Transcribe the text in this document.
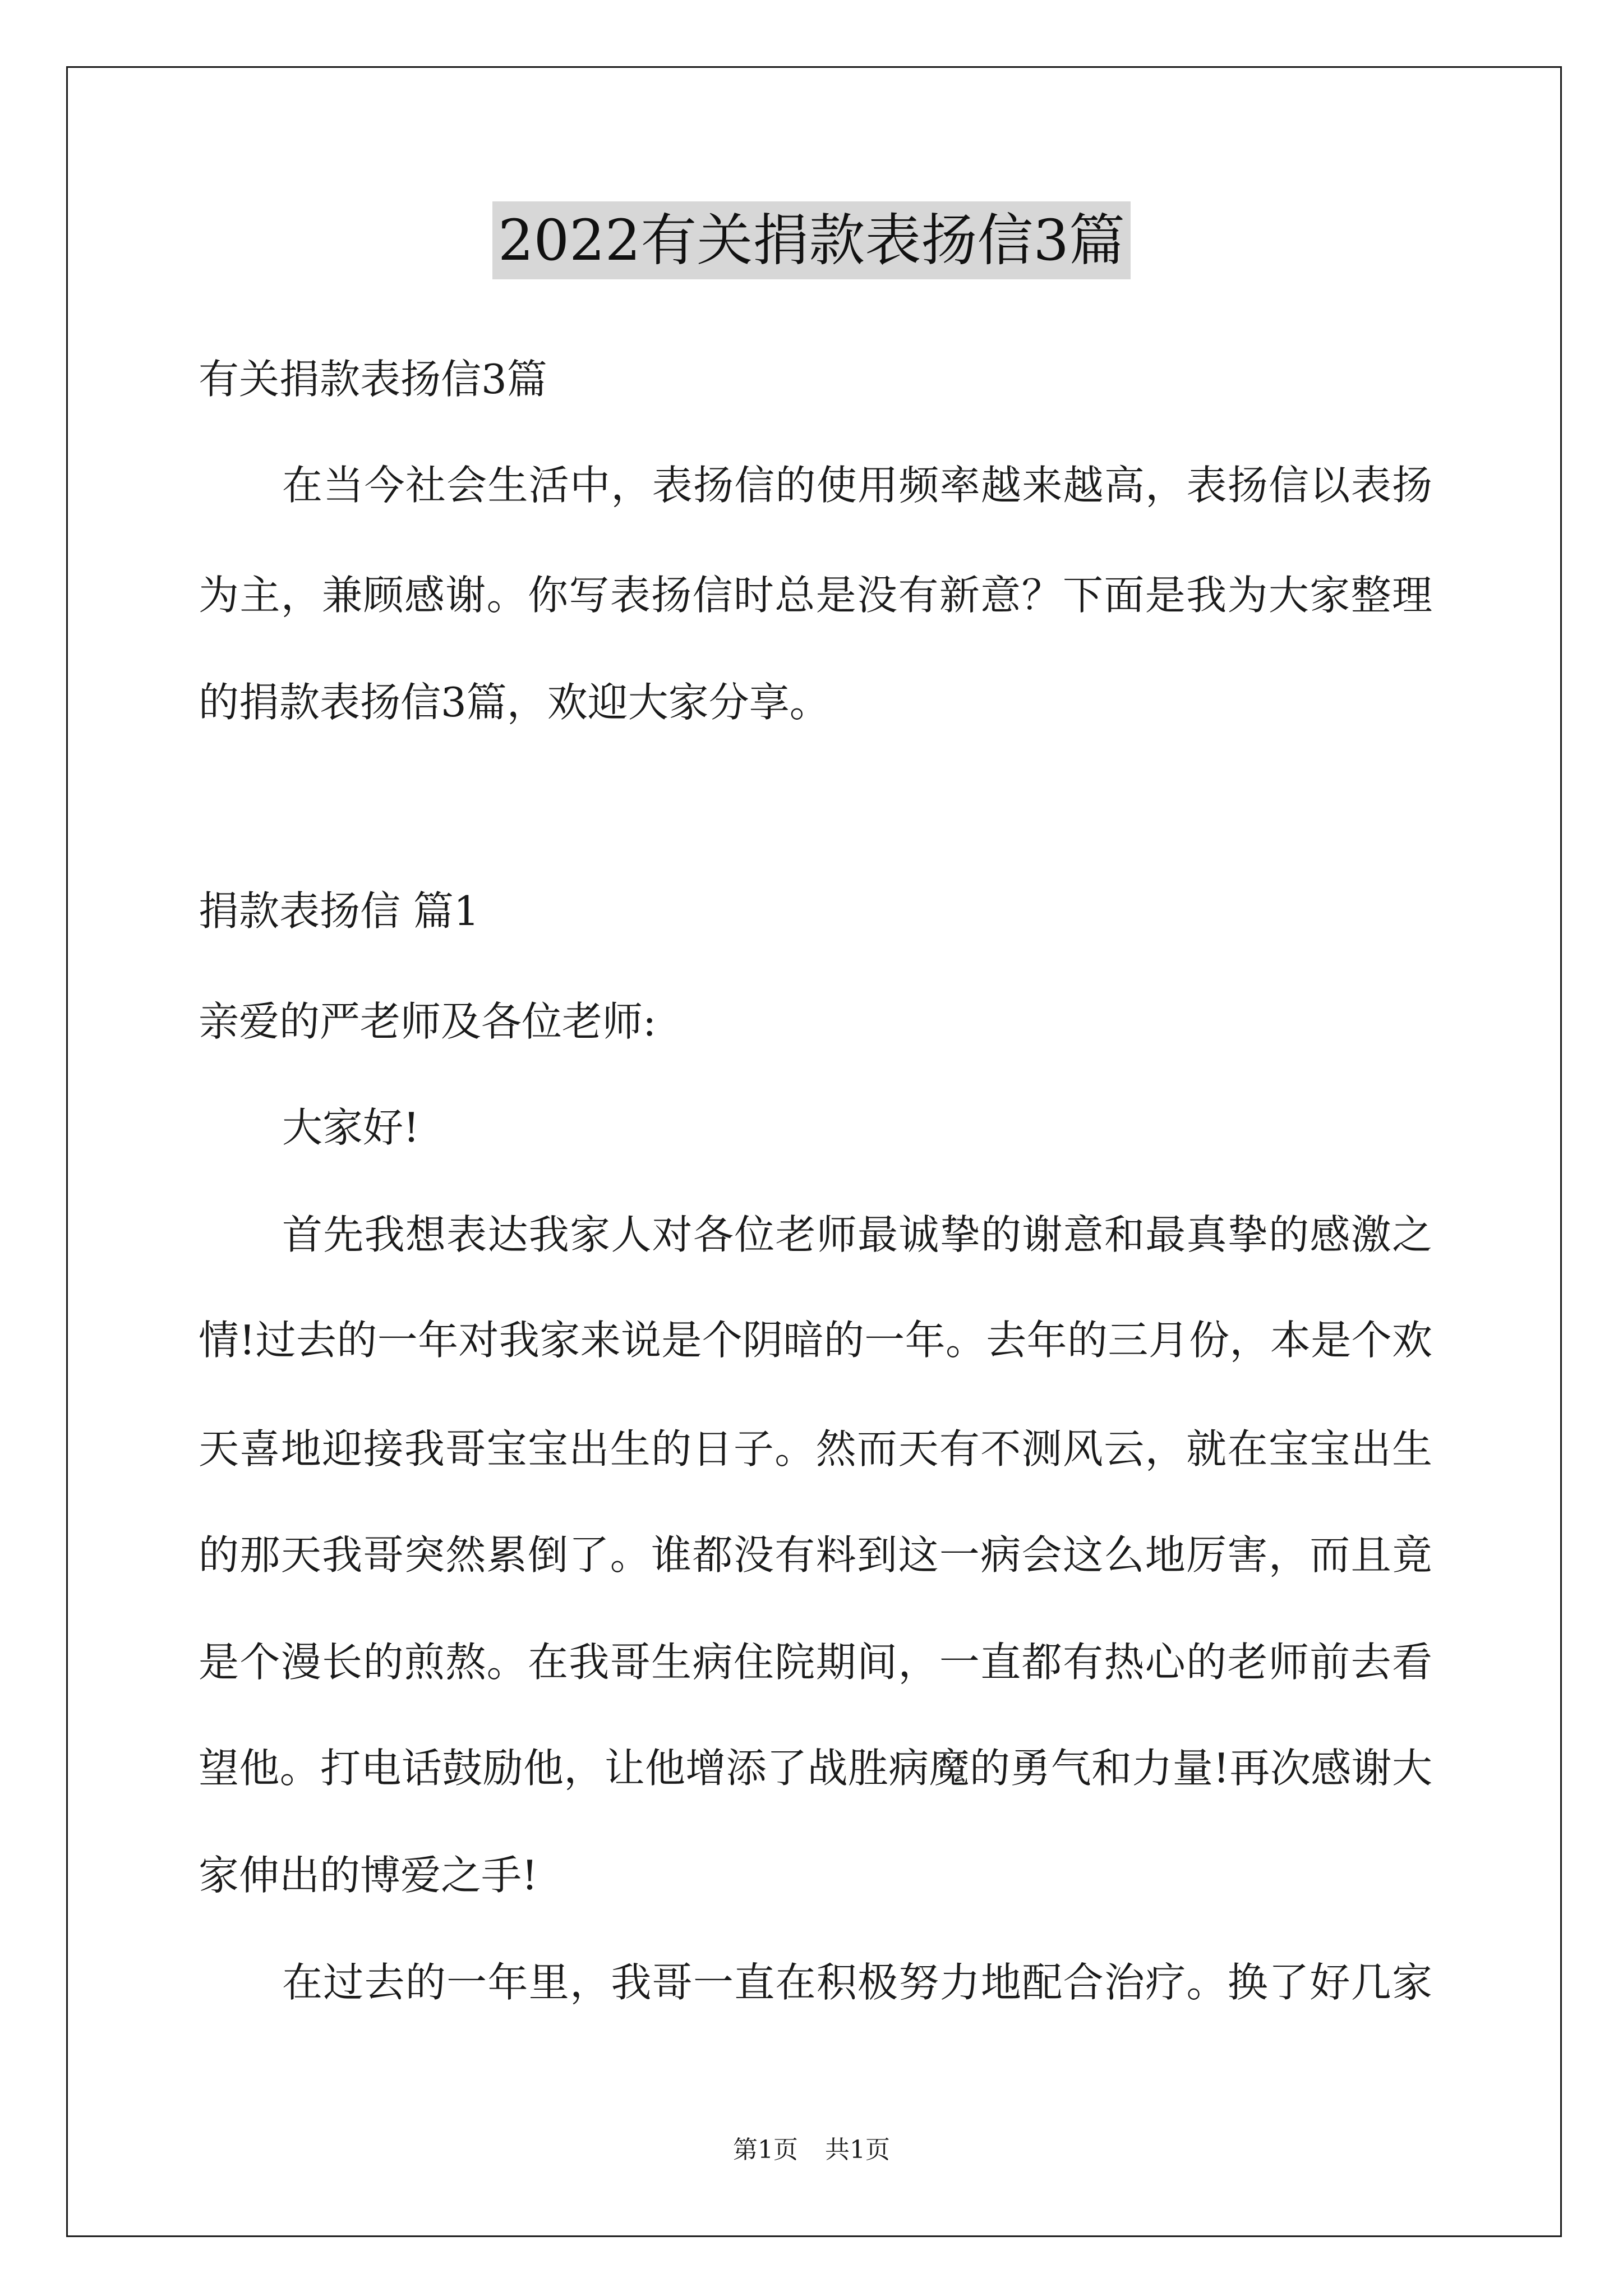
2022有关捐款表扬信3篇
有关捐款表扬信3篇
在当今社会生活中，表扬信的使用频率越来越高，表扬信以表扬
为主，兼顾感谢。你写表扬信时总是没有新意？下面是我为大家整理
的捐款表扬信3篇，欢迎大家分享。
捐款表扬信 篇1
亲爱的严老师及各位老师:
大家好!
首先我想表达我家人对各位老师最诚挚的谢意和最真挚的感激之
情!过去的一年对我家来说是个阴暗的一年。去年的三月份，本是个欢
天喜地迎接我哥宝宝出生的日子。然而天有不测风云，就在宝宝出生
的那天我哥突然累倒了。谁都没有料到这一病会这么地厉害，而且竟
是个漫长的煎熬。在我哥生病住院期间，一直都有热心的老师前去看
望他。打电话鼓励他，让他增添了战胜病魔的勇气和力量!再次感谢大
家伸出的博爱之手!
在过去的一年里，我哥一直在积极努力地配合治疗。换了好几家
第1页 共1页
